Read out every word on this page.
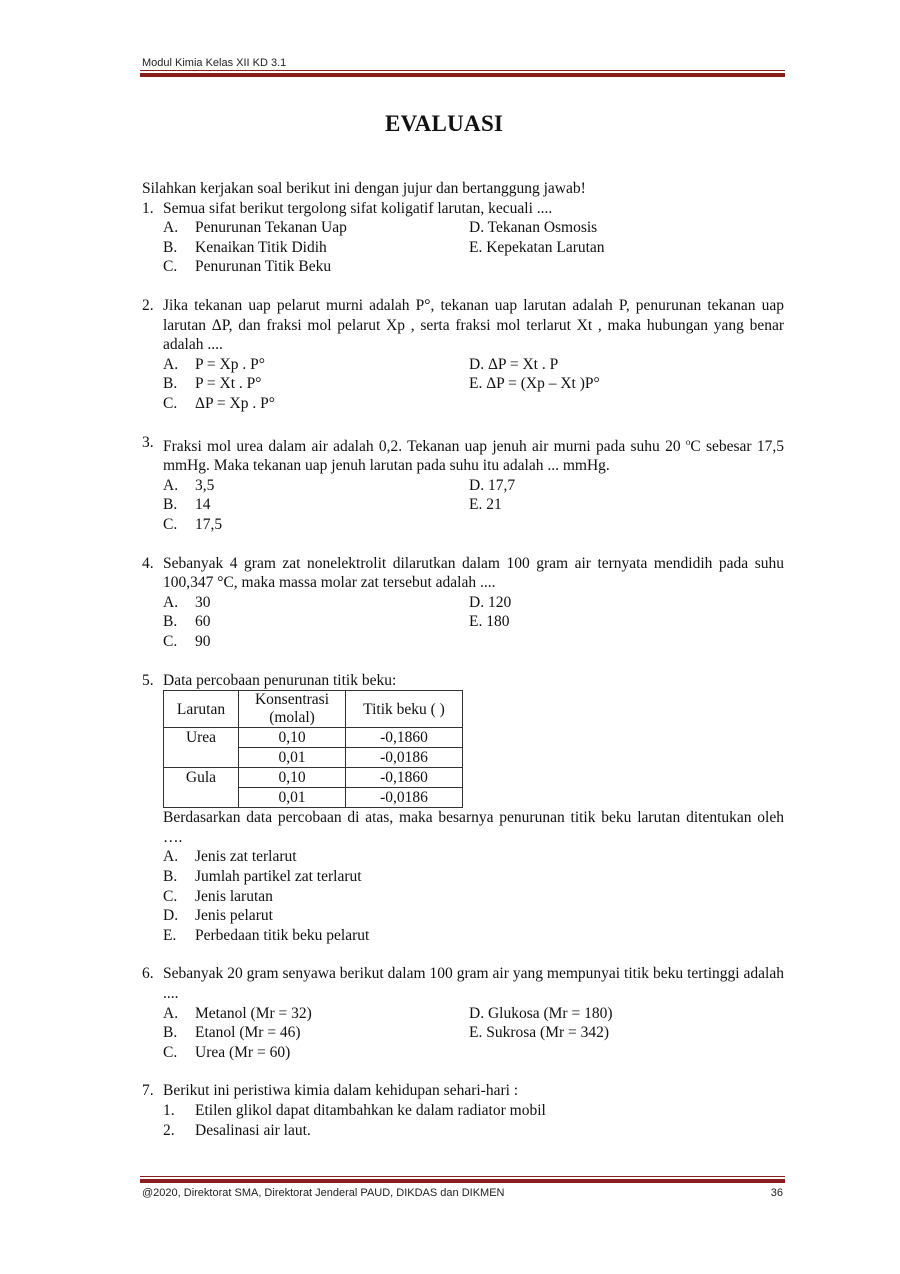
Modul Kimia Kelas XII KD 3.1
EVALUASI
Silahkan kerjakan soal berikut ini dengan jujur dan bertanggung jawab!
1. Semua sifat berikut tergolong sifat koligatif larutan, kecuali ....
A.	Penurunan Tekanan Uap	D. Tekanan Osmosis
B.	Kenaikan Titik Didih	E. Kepekatan Larutan
C.	Penurunan Titik Beku
2. Jika tekanan uap pelarut murni adalah P°, tekanan uap larutan adalah P, penurunan tekanan uap larutan ΔP, dan fraksi mol pelarut Xp , serta fraksi mol terlarut Xt , maka hubungan yang benar adalah ....
A.	P = Xp . P°	D. ΔP = Xt . P
B.	P = Xt . P°	E. ΔP = (Xp – Xt )P°
C.	ΔP = Xp . P°
3. Fraksi mol urea dalam air adalah 0,2. Tekanan uap jenuh air murni pada suhu 20 $^o$C sebesar 17,5 mmHg. Maka tekanan uap jenuh larutan pada suhu itu adalah ... mmHg.
A.	3,5	D. 17,7
B.	14	E. 21
C.	17,5
4. Sebanyak 4 gram zat nonelektrolit dilarutkan dalam 100 gram air ternyata mendidih pada suhu 100,347 °C, maka massa molar zat tersebut adalah ....
A.	30	D. 120
B.	60	E. 180
C.	90
5. Data percobaan penurunan titik beku:
Larutan	Konsentrasi (molal)	Titik beku ( )
Urea	0,10	-0,1860
	0,01	-0,0186
Gula	0,10	-0,1860
	0,01	-0,0186
Berdasarkan data percobaan di atas, maka besarnya penurunan titik beku larutan ditentukan oleh ….
A.	Jenis zat terlarut
B.	Jumlah partikel zat terlarut
C.	Jenis larutan
D.	Jenis pelarut
E.	Perbedaan titik beku pelarut
6. Sebanyak 20 gram senyawa berikut dalam 100 gram air yang mempunyai titik beku tertinggi adalah ....
A.	Metanol (Mr = 32)	D. Glukosa (Mr = 180)
B.	Etanol (Mr = 46)	E. Sukrosa (Mr = 342)
C.	Urea (Mr = 60)
7. Berikut ini peristiwa kimia dalam kehidupan sehari-hari :
1.	Etilen glikol dapat ditambahkan ke dalam radiator mobil
2.	Desalinasi air laut.
@2020, Direktorat SMA, Direktorat Jenderal PAUD, DIKDAS dan DIKMEN	36
